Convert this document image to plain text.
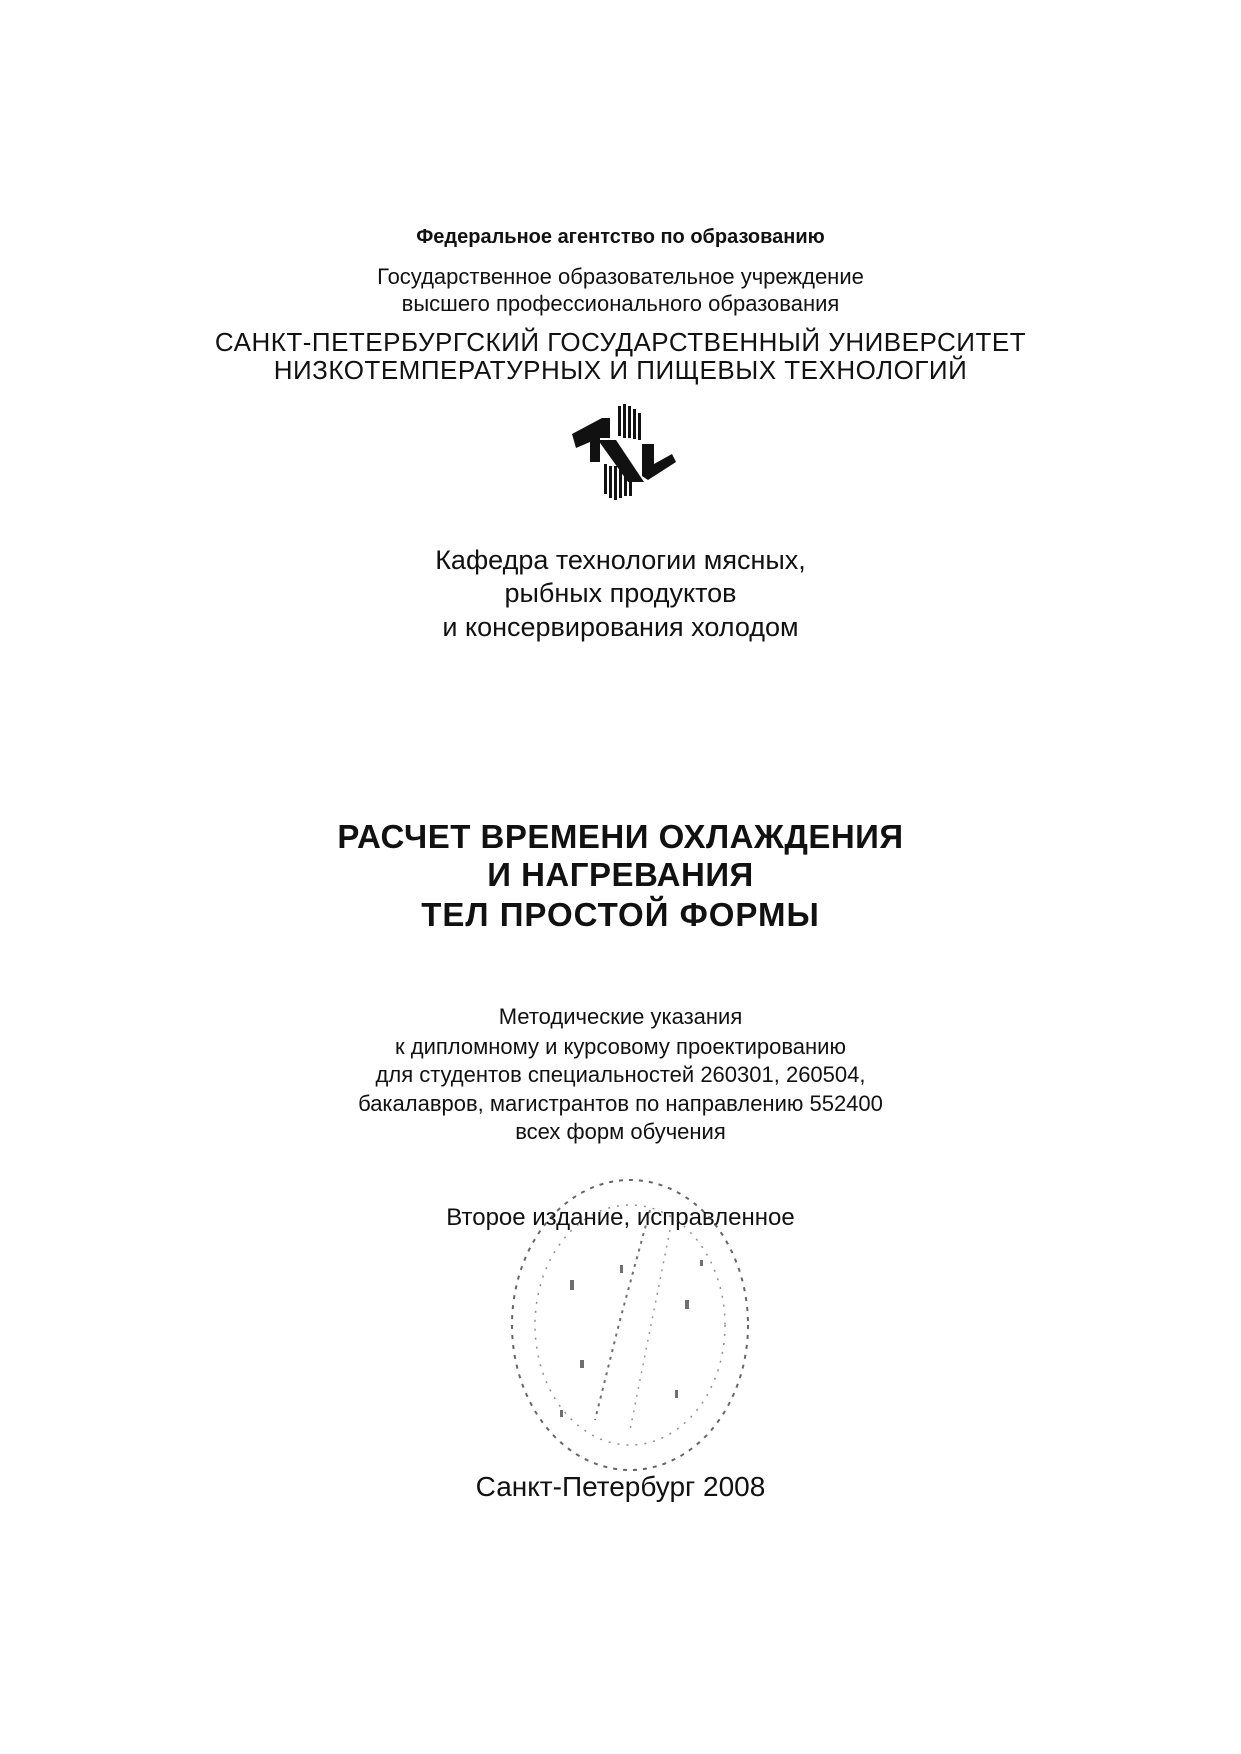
Федеральное агентство по образованию
Государственное образовательное учреждение
высшего профессионального образования
САНКТ-ПЕТЕРБУРГСКИЙ ГОСУДАРСТВЕННЫЙ УНИВЕРСИТЕТ
НИЗКОТЕМПЕРАТУРНЫХ И ПИЩЕВЫХ ТЕХНОЛОГИЙ
Кафедра технологии мясных,
рыбных продуктов
и консервирования холодом
РАСЧЕТ ВРЕМЕНИ ОХЛАЖДЕНИЯ
И НАГРЕВАНИЯ
ТЕЛ ПРОСТОЙ ФОРМЫ
Методические указания
к дипломному и курсовому проектированию
для студентов специальностей 260301, 260504,
бакалавров, магистрантов по направлению 552400
всех форм обучения
Второе издание, исправленное
Санкт-Петербург 2008
